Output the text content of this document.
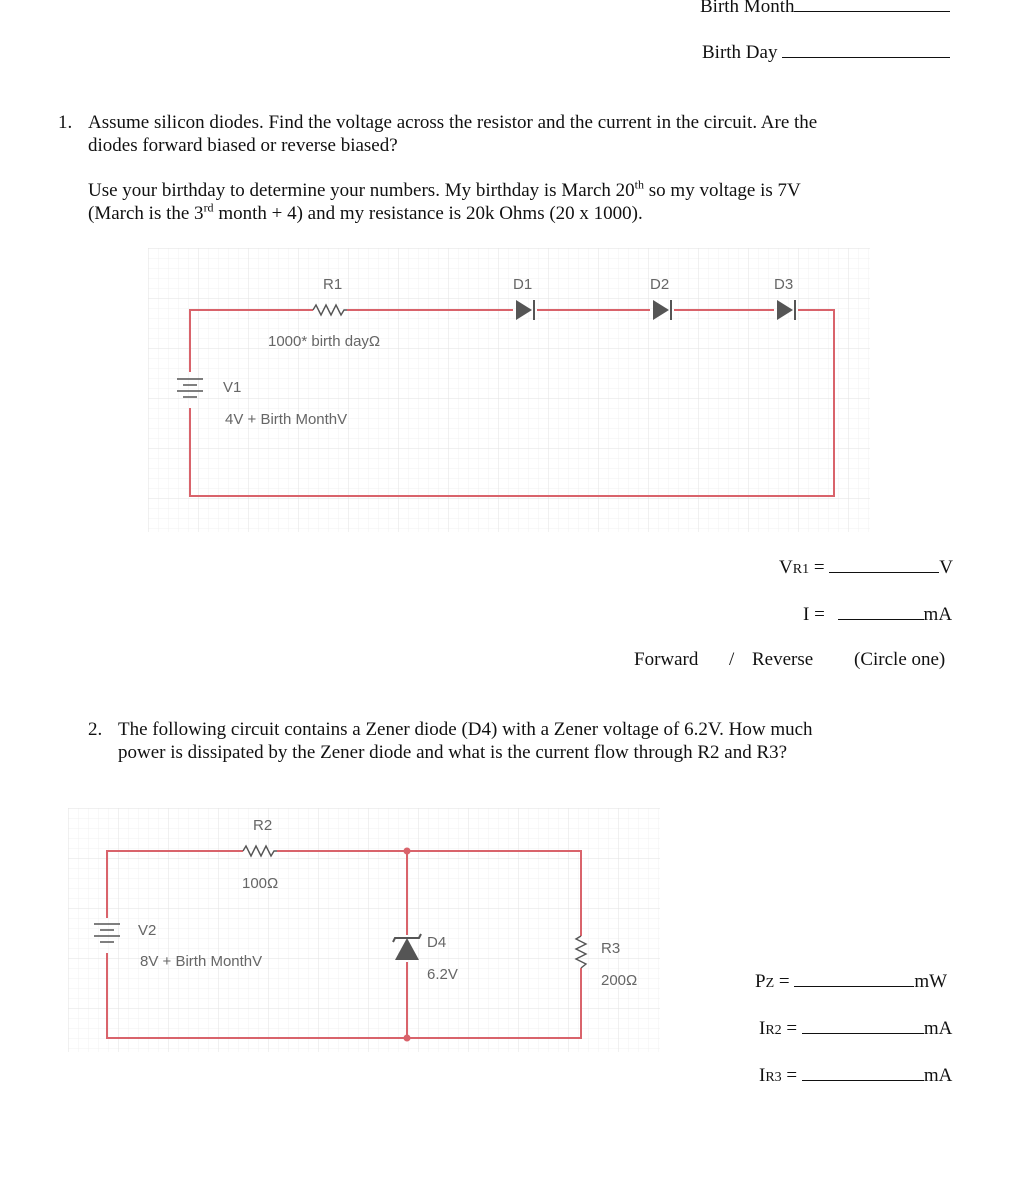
Birth Month
Birth Day
1. Assume silicon diodes. Find the voltage across the resistor and the current in the circuit. Are the
diodes forward biased or reverse biased?
Use your birthday to determine your numbers. My birthday is March 20th so my voltage is 7V
(March is the 3rd month + 4) and my resistance is 20k Ohms (20 x 1000).
R1
1000* birth dayΩ
D1	D2	D3
V1
4V + Birth MonthV
VR1 =	V
I =	mA
Forward / Reverse (Circle one)
2. The following circuit contains a Zener diode (D4) with a Zener voltage of 6.2V. How much
power is dissipated by the Zener diode and what is the current flow through R2 and R3?
R2
100Ω
V2
8V + Birth MonthV
D4
6.2V
R3
200Ω	PZ =	mW
IR2 =	mA
IR3 =	mA
